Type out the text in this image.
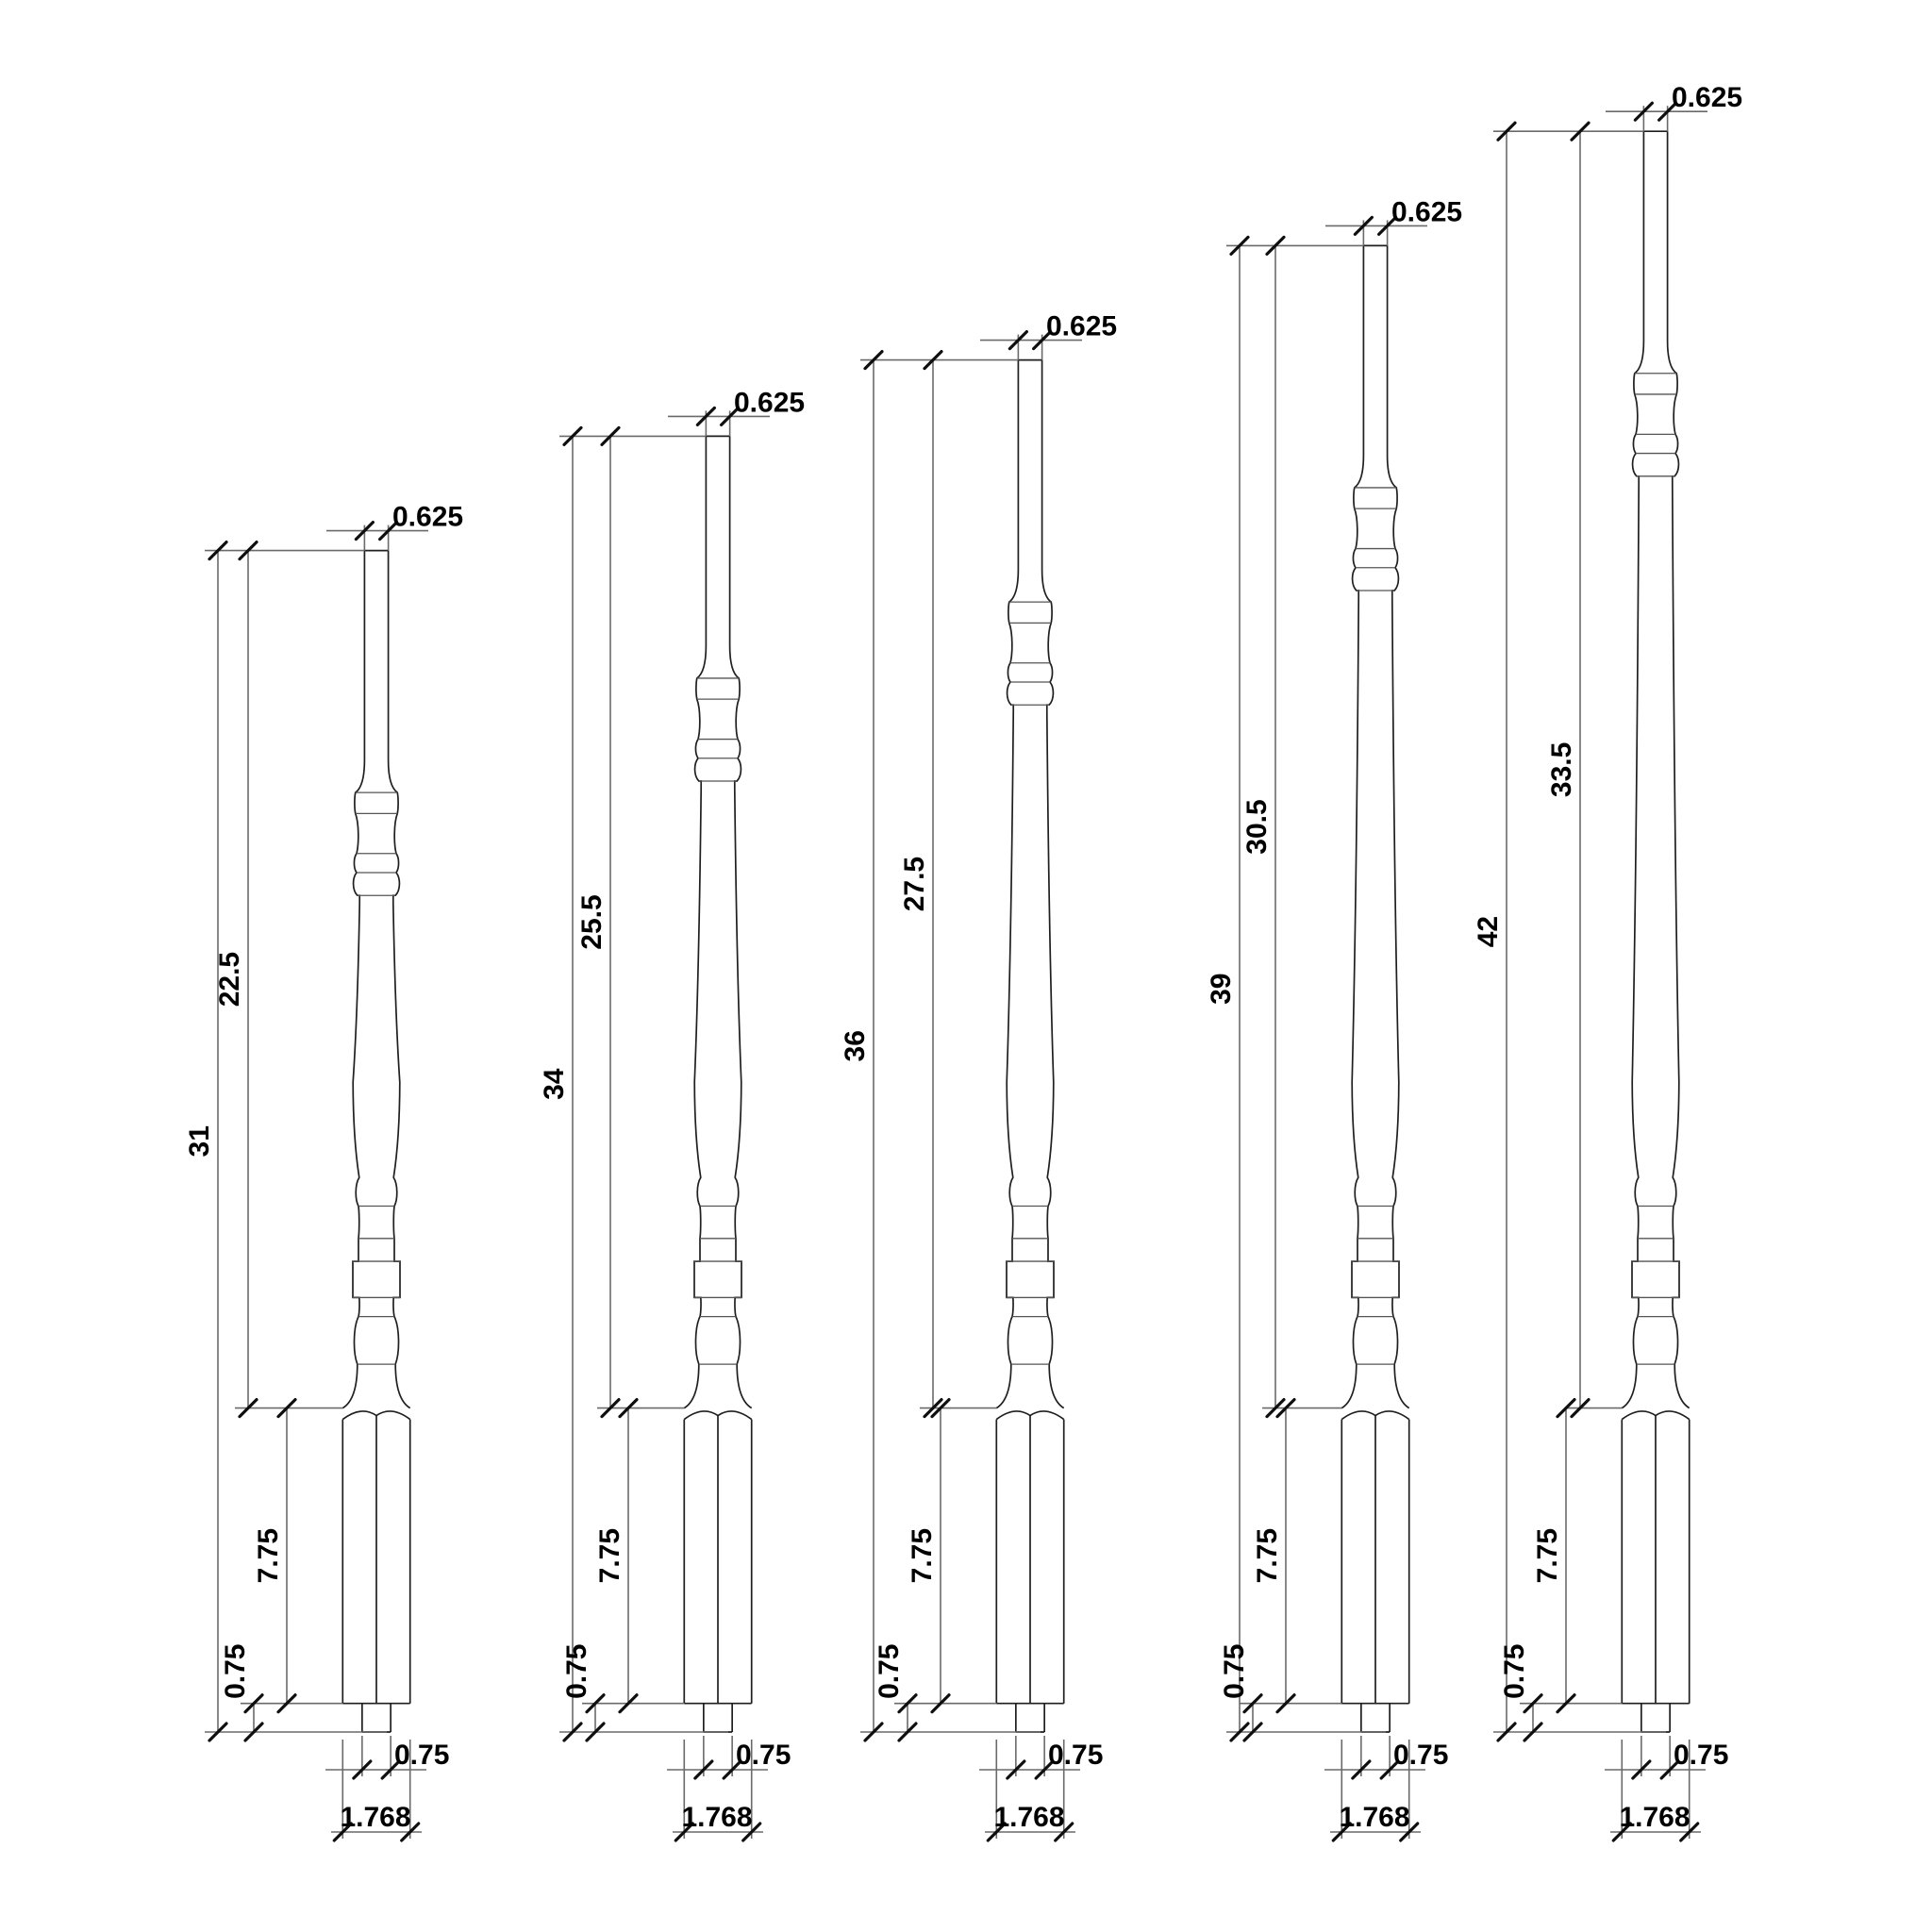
31
22.5
7.75
0.75
0.625
0.75
1.768
34
25.5
7.75
0.75
0.625
0.75
1.768
36
27.5
7.75
0.75
0.625
0.75
1.768
39
30.5
7.75
0.75
0.625
0.75
1.768
42
33.5
7.75
0.75
0.625
0.75
1.768
